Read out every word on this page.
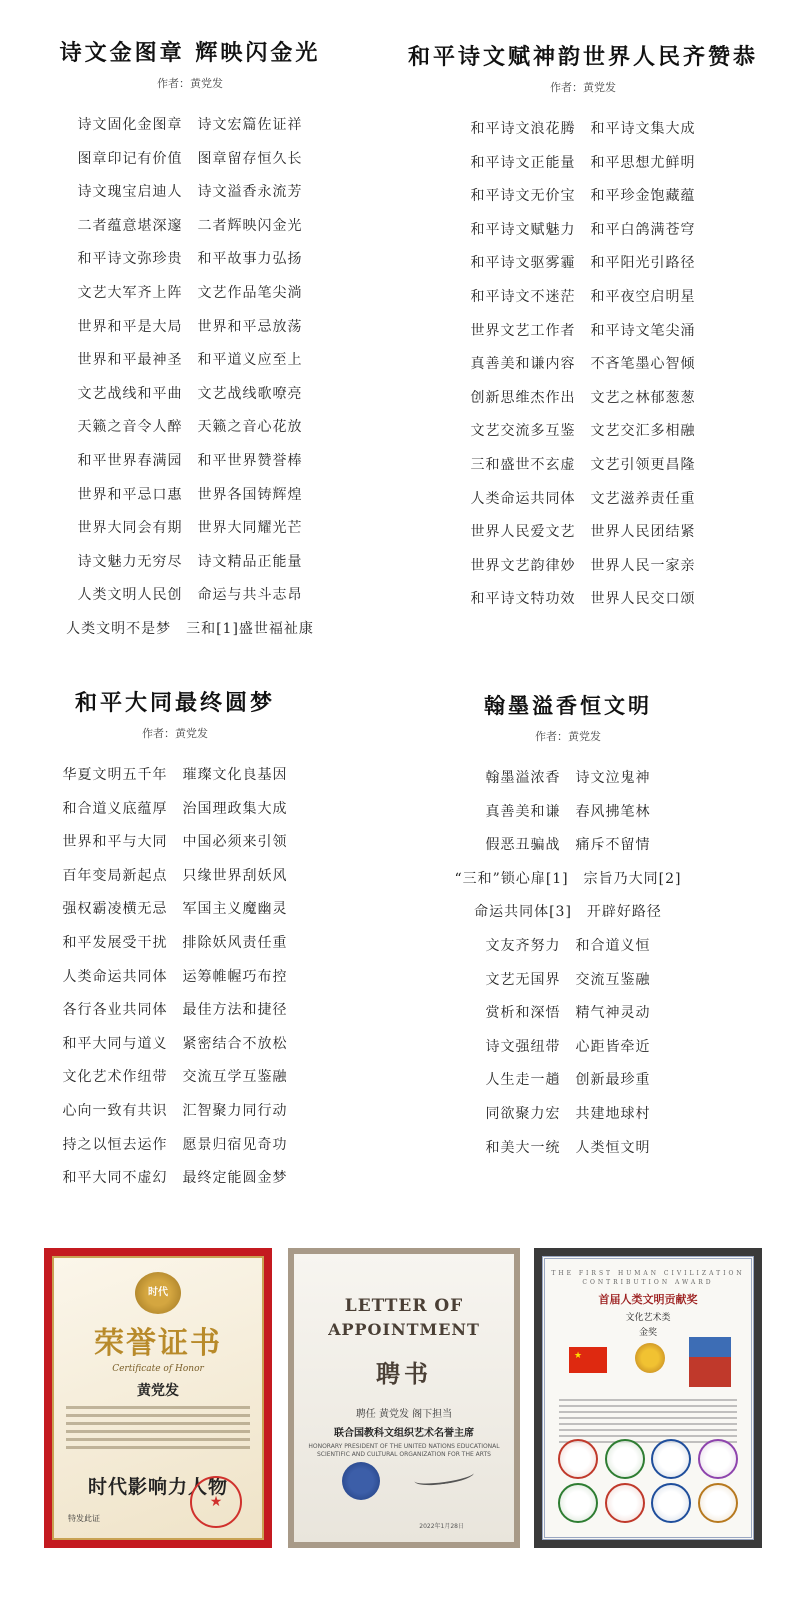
诗文金图章 辉映闪金光
作者：黄党发
诗文固化金图章　诗文宏篇佐证祥
图章印记有价值　图章留存恒久长
诗文瑰宝启迪人　诗文溢香永流芳
二者蕴意堪深邃　二者辉映闪金光
和平诗文弥珍贵　和平故事力弘扬
文艺大军齐上阵　文艺作品笔尖淌
世界和平是大局　世界和平忌放荡
世界和平最神圣　和平道义应至上
文艺战线和平曲　文艺战线歌嘹亮
天籁之音令人醉　天籁之音心花放
和平世界春满园　和平世界赞誉棒
世界和平忌口惠　世界各国铸辉煌
世界大同会有期　世界大同耀光芒
诗文魅力无穷尽　诗文精品正能量
人类文明人民创　命运与共斗志昂
人类文明不是梦　三和[1]盛世福祉康
和平诗文赋神韵世界人民齐赞恭
作者：黄党发
和平诗文浪花腾　和平诗文集大成
和平诗文正能量　和平思想尤鲜明
和平诗文无价宝　和平珍金饱藏蕴
和平诗文赋魅力　和平白鸽满苍穹
和平诗文驱雾霾　和平阳光引路径
和平诗文不迷茫　和平夜空启明星
世界文艺工作者　和平诗文笔尖涌
真善美和谦内容　不吝笔墨心智倾
创新思维杰作出　文艺之林郁葱葱
文艺交流多互鉴　文艺交汇多相融
三和盛世不玄虚　文艺引领更昌隆
人类命运共同体　文艺滋养责任重
世界人民爱文艺　世界人民团结紧
世界文艺韵律妙　世界人民一家亲
和平诗文特功效　世界人民交口颂
和平大同最终圆梦
作者：黄党发
华夏文明五千年　璀璨文化良基因
和合道义底蕴厚　治国理政集大成
世界和平与大同　中国必须来引领
百年变局新起点　只缘世界刮妖风
强权霸凌横无忌　军国主义魔幽灵
和平发展受干扰　排除妖风责任重
人类命运共同体　运筹帷幄巧布控
各行各业共同体　最佳方法和捷径
和平大同与道义　紧密结合不放松
文化艺术作纽带　交流互学互鉴融
心向一致有共识　汇智聚力同行动
持之以恒去运作　愿景归宿见奇功
和平大同不虚幻　最终定能圆金梦
翰墨溢香恒文明
作者：黄党发
翰墨溢浓香　诗文泣鬼神
真善美和谦　春风拂笔林
假恶丑骗战　痛斥不留情
“三和”锁心扉[1]　宗旨乃大同[2]
命运共同体[3]　开辟好路径
文友齐努力　和合道义恒
文艺无国界　交流互鉴融
赏析和深悟　精气神灵动
诗文强纽带　心距皆牵近
人生走一趟　创新最珍重
同欲聚力宏　共建地球村
和美大一统　人类恒文明
时代
荣誉证书
Certificate of Honor
黄党发
时代影响力人物
特发此证
★
LETTER OF
APPOINTMENT
聘书
聘任 黄党发 阁下担当
联合国教科文组织艺术名誉主席
HONORARY PRESIDENT OF THE UNITED NATIONS EDUCATIONAL SCIENTIFIC AND CULTURAL ORGANIZATION FOR THE ARTS
2022年1月28日
THE FIRST HUMAN CIVILIZATION CONTRIBUTION AWARD
首届人类文明贡献奖
文化艺术类
金奖
★
